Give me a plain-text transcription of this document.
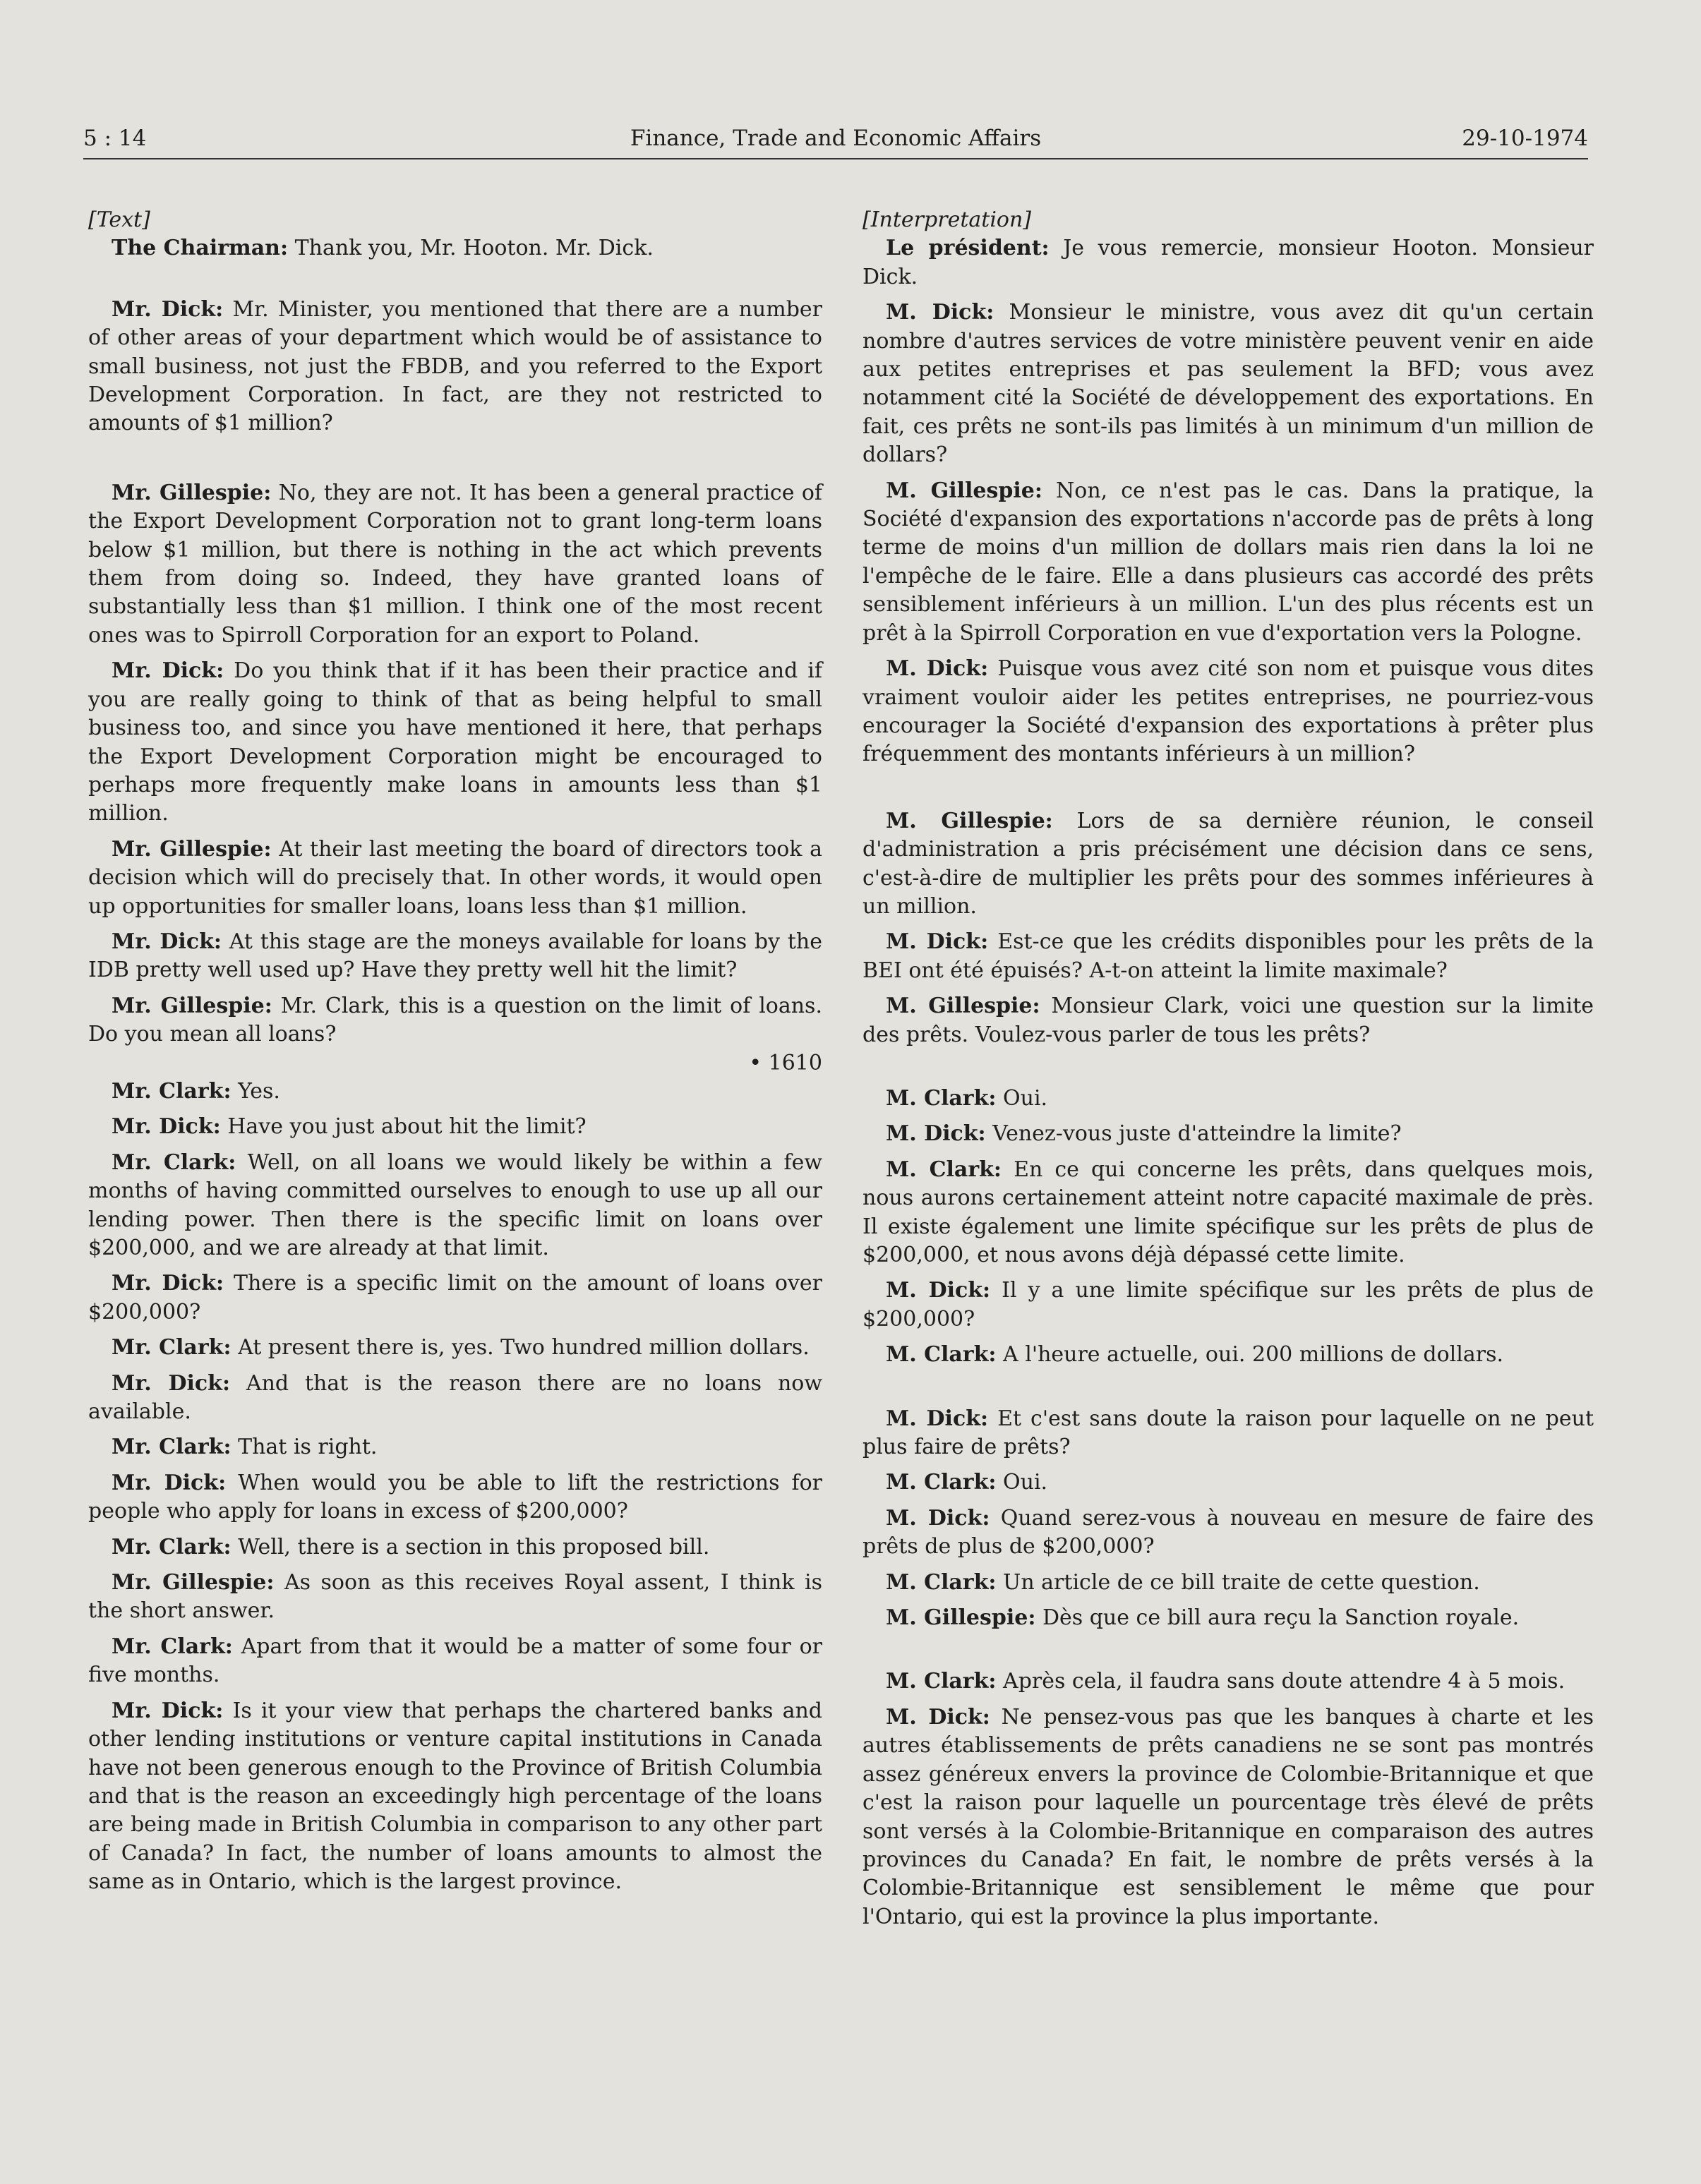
5 : 14	Finance, Trade and Economic Affairs	29-10-1974

[Text]

The Chairman: Thank you, Mr. Hooton. Mr. Dick.

Mr. Dick: Mr. Minister, you mentioned that there are a number of other areas of your department which would be of assistance to small business, not just the FBDB, and you referred to the Export Development Corporation. In fact, are they not restricted to amounts of $1 million?

Mr. Gillespie: No, they are not. It has been a general practice of the Export Development Corporation not to grant long-term loans below $1 million, but there is nothing in the act which prevents them from doing so. Indeed, they have granted loans of substantially less than $1 million. I think one of the most recent ones was to Spirroll Corporation for an export to Poland.

Mr. Dick: Do you think that if it has been their practice and if you are really going to think of that as being helpful to small business too, and since you have mentioned it here, that perhaps the Export Development Corporation might be encouraged to perhaps more frequently make loans in amounts less than $1 million.

Mr. Gillespie: At their last meeting the board of directors took a decision which will do precisely that. In other words, it would open up opportunities for smaller loans, loans less than $1 million.

Mr. Dick: At this stage are the moneys available for loans by the IDB pretty well used up? Have they pretty well hit the limit?

Mr. Gillespie: Mr. Clark, this is a question on the limit of loans. Do you mean all loans?

• 1610

Mr. Clark: Yes.

Mr. Dick: Have you just about hit the limit?

Mr. Clark: Well, on all loans we would likely be within a few months of having committed ourselves to enough to use up all our lending power. Then there is the specific limit on loans over $200,000, and we are already at that limit.

Mr. Dick: There is a specific limit on the amount of loans over $200,000?

Mr. Clark: At present there is, yes. Two hundred million dollars.

Mr. Dick: And that is the reason there are no loans now available.

Mr. Clark: That is right.

Mr. Dick: When would you be able to lift the restrictions for people who apply for loans in excess of $200,000?

Mr. Clark: Well, there is a section in this proposed bill.

Mr. Gillespie: As soon as this receives Royal assent, I think is the short answer.

Mr. Clark: Apart from that it would be a matter of some four or five months.

Mr. Dick: Is it your view that perhaps the chartered banks and other lending institutions or venture capital institutions in Canada have not been generous enough to the Province of British Columbia and that is the reason an exceedingly high percentage of the loans are being made in British Columbia in comparison to any other part of Canada? In fact, the number of loans amounts to almost the same as in Ontario, which is the largest province.

[Interpretation]

Le président: Je vous remercie, monsieur Hooton. Monsieur Dick.

M. Dick: Monsieur le ministre, vous avez dit qu'un certain nombre d'autres services de votre ministère peuvent venir en aide aux petites entreprises et pas seulement la BFD; vous avez notamment cité la Société de développement des exportations. En fait, ces prêts ne sont-ils pas limités à un minimum d'un million de dollars?

M. Gillespie: Non, ce n'est pas le cas. Dans la pratique, la Société d'expansion des exportations n'accorde pas de prêts à long terme de moins d'un million de dollars mais rien dans la loi ne l'empêche de le faire. Elle a dans plusieurs cas accordé des prêts sensiblement inférieurs à un million. L'un des plus récents est un prêt à la Spirroll Corporation en vue d'exportation vers la Pologne.

M. Dick: Puisque vous avez cité son nom et puisque vous dites vraiment vouloir aider les petites entreprises, ne pourriez-vous encourager la Société d'expansion des exportations à prêter plus fréquemment des montants inférieurs à un million?

M. Gillespie: Lors de sa dernière réunion, le conseil d'administration a pris précisément une décision dans ce sens, c'est-à-dire de multiplier les prêts pour des sommes inférieures à un million.

M. Dick: Est-ce que les crédits disponibles pour les prêts de la BEI ont été épuisés? A-t-on atteint la limite maximale?

M. Gillespie: Monsieur Clark, voici une question sur la limite des prêts. Voulez-vous parler de tous les prêts?

M. Clark: Oui.

M. Dick: Venez-vous juste d'atteindre la limite?

M. Clark: En ce qui concerne les prêts, dans quelques mois, nous aurons certainement atteint notre capacité maximale de près. Il existe également une limite spécifique sur les prêts de plus de $200,000, et nous avons déjà dépassé cette limite.

M. Dick: Il y a une limite spécifique sur les prêts de plus de $200,000?

M. Clark: A l'heure actuelle, oui. 200 millions de dollars.

M. Dick: Et c'est sans doute la raison pour laquelle on ne peut plus faire de prêts?

M. Clark: Oui.

M. Dick: Quand serez-vous à nouveau en mesure de faire des prêts de plus de $200,000?

M. Clark: Un article de ce bill traite de cette question.

M. Gillespie: Dès que ce bill aura reçu la Sanction royale.

M. Clark: Après cela, il faudra sans doute attendre 4 à 5 mois.

M. Dick: Ne pensez-vous pas que les banques à charte et les autres établissements de prêts canadiens ne se sont pas montrés assez généreux envers la province de Colombie-Britannique et que c'est la raison pour laquelle un pourcentage très élevé de prêts sont versés à la Colombie-Britannique en comparaison des autres provinces du Canada? En fait, le nombre de prêts versés à la Colombie-Britannique est sensiblement le même que pour l'Ontario, qui est la province la plus importante.
